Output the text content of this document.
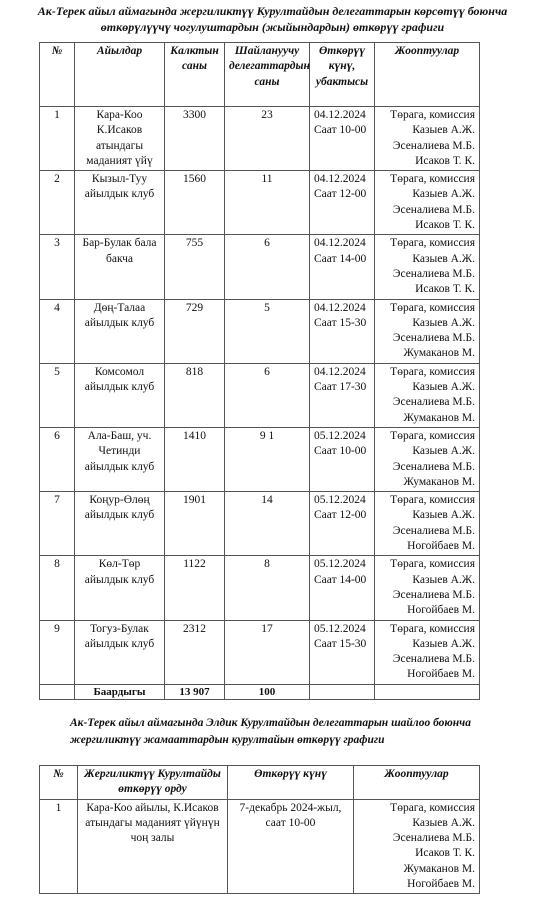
Ак-Терек айыл аймагында жергиликтүү Курултайдын делегаттарын көрсөтүү боюнча өткөрүлүүчү чогулуштардын (жыйындардын) өткөрүү графиги
№	Айылдар	Калктын саны	Шайлануучу делегаттардын саны	Өткөрүү күнү, убактысы	Жооптуулар
1	Кара-Коо К.Исаков атындагы маданият үйү	3300	23	04.12.2024 Саат 10-00	Төрага, комиссия Казыев А.Ж. Эсеналиева М.Б. Исаков Т. К.
2	Кызыл-Туу айылдык клуб	1560	11	04.12.2024 Саат 12-00	Төрага, комиссия Казыев А.Ж. Эсеналиева М.Б. Исаков Т. К.
3	Бар-Булак бала бакча	755	6	04.12.2024 Саат 14-00	Төрага, комиссия Казыев А.Ж. Эсеналиева М.Б. Исаков Т. К.
4	Дөң-Талаа айылдык клуб	729	5	04.12.2024 Саат 15-30	Төрага, комиссия Казыев А.Ж. Эсеналиева М.Б. Жумаканов М.
5	Комсомол айылдык клуб	818	6	04.12.2024 Саат 17-30	Төрага, комиссия Казыев А.Ж. Эсеналиева М.Б. Жумаканов М.
6	Ала-Баш, уч. Четинди айылдык клуб	1410	9 1	05.12.2024 Саат 10-00	Төрага, комиссия Казыев А.Ж. Эсеналиева М.Б. Жумаканов М.
7	Коңур-Өлөң айылдык клуб	1901	14	05.12.2024 Саат 12-00	Төрага, комиссия Казыев А.Ж. Эсеналиева М.Б. Ногойбаев М.
8	Көл-Төр айылдык клуб	1122	8	05.12.2024 Саат 14-00	Төрага, комиссия Казыев А.Ж. Эсеналиева М.Б. Ногойбаев М.
9	Тогуз-Булак айылдык клуб	2312	17	05.12.2024 Саат 15-30	Төрага, комиссия Казыев А.Ж. Эсеналиева М.Б. Ногойбаев М.
	Баардыгы	13 907	100		
Ак-Терек айыл аймагында Элдик Курултайдын делегаттарын шайлоо боюнча жергиликтүү жамааттардын курултайын өткөрүү графиги
№	Жергиликтүү Курултайды өткөрүү орду	Өткөрүү күнү	Жооптуулар
1	Кара-Коо айылы, К.Исаков атындагы маданият үйүнүн чоң залы	7-декабрь 2024-жыл, саат 10-00	Төрага, комиссия Казыев А.Ж. Эсеналиева М.Б. Исаков Т. К. Жумаканов М. Ногойбаев М.
